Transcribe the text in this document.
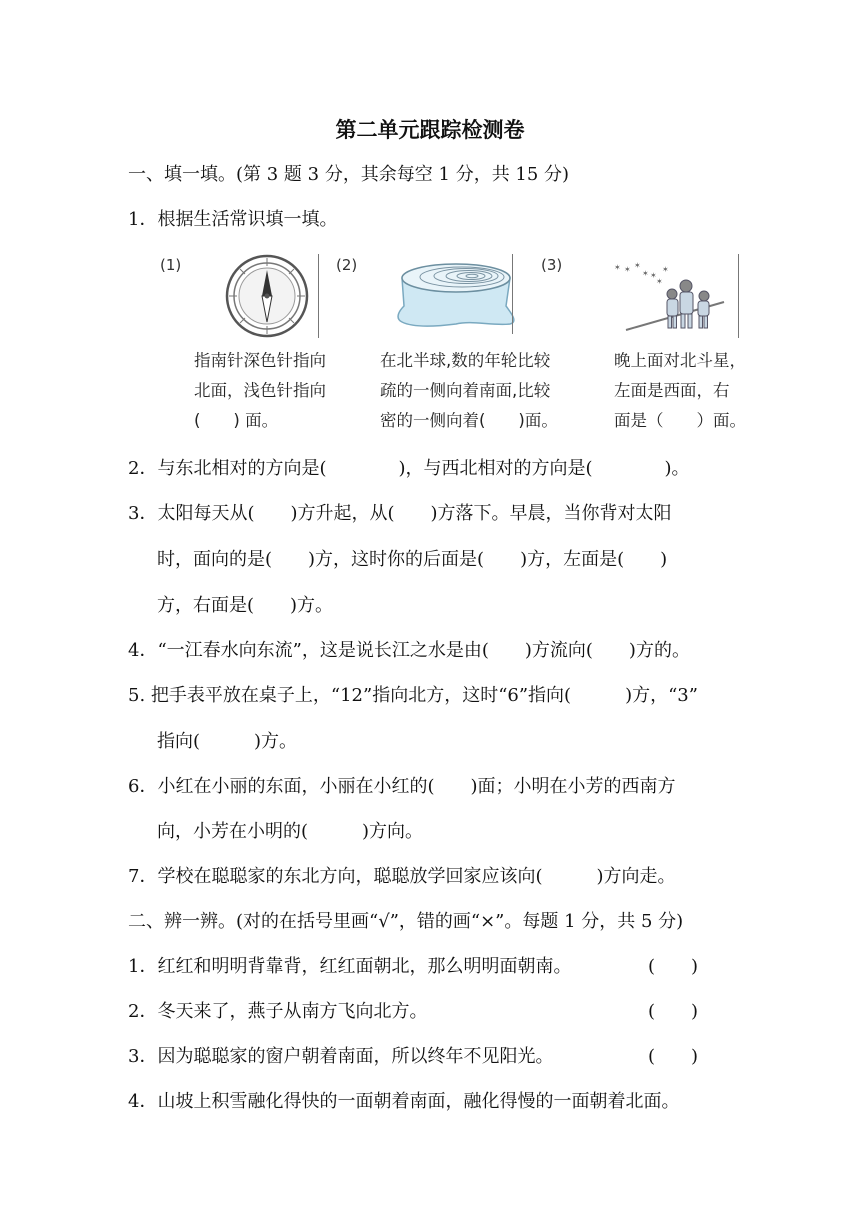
第二单元跟踪检测卷
一、填一填。(第 3 题 3 分，其余每空 1 分，共 15 分)
1．根据生活常识填一填。
(1)
指南针深色针指向
北面，浅色针指向
(　　) 面。
(2)
在北半球,数的年轮比较
疏的一侧向着南面,比较
密的一侧向着(　　)面。
(3)	✶ ✶ ✶
✶ ✶
✶
✶
晚上面对北斗星，
左面是西面，右
面是（　　）面。
2．与东北相对的方向是(　　　　)，与西北相对的方向是(　　　　)。
3．太阳每天从(　　)方升起，从(　　)方落下。早晨，当你背对太阳
时，面向的是(　　)方，这时你的后面是(　　)方，左面是(　　)
方，右面是(　　)方。
4．“一江春水向东流”，这是说长江之水是由(　　)方流向(　　)方的。
5. 把手表平放在桌子上，“12”指向北方，这时“6”指向(　　　)方，“3”
指向(　　　)方。
6．小红在小丽的东面，小丽在小红的(　　)面；小明在小芳的西南方
向，小芳在小明的(　　　)方向。
7．学校在聪聪家的东北方向，聪聪放学回家应该向(　　　)方向走。
二、辨一辨。(对的在括号里画“√”，错的画“×”。每题 1 分，共 5 分)
1．红红和明明背靠背，红红面朝北，那么明明面朝南。	(　　)
2．冬天来了，燕子从南方飞向北方。	(　　)
3．因为聪聪家的窗户朝着南面，所以终年不见阳光。	(　　)
4．山坡上积雪融化得快的一面朝着南面，融化得慢的一面朝着北面。
